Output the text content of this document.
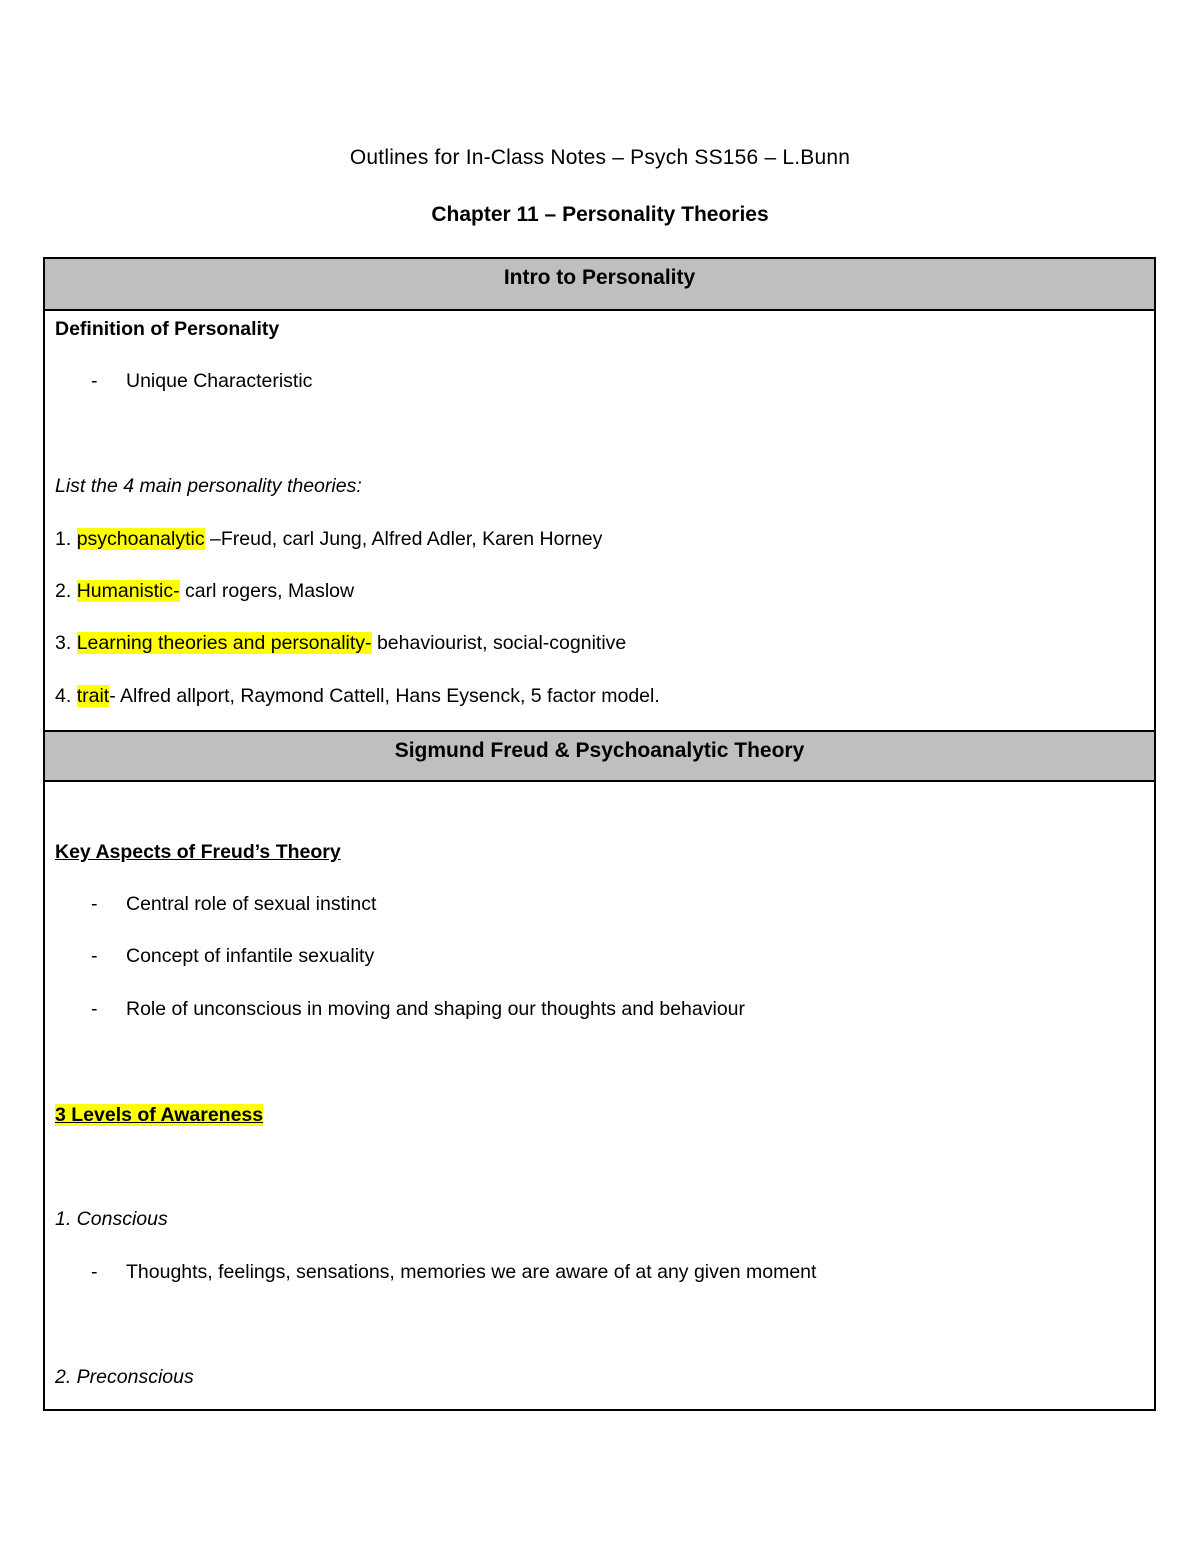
Outlines for In-Class Notes – Psych SS156 – L.Bunn
Chapter 11 – Personality Theories
Intro to Personality
Definition of Personality
- Unique Characteristic
List the 4 main personality theories:
1. psychoanalytic –Freud, carl Jung, Alfred Adler, Karen Horney
2. Humanistic- carl rogers, Maslow
3. Learning theories and personality- behaviourist, social-cognitive
4. trait- Alfred allport, Raymond Cattell, Hans Eysenck, 5 factor model.
Sigmund Freud & Psychoanalytic Theory
Key Aspects of Freud’s Theory
- Central role of sexual instinct
- Concept of infantile sexuality
- Role of unconscious in moving and shaping our thoughts and behaviour
3 Levels of Awareness
1. Conscious
- Thoughts, feelings, sensations, memories we are aware of at any given moment
2. Preconscious
